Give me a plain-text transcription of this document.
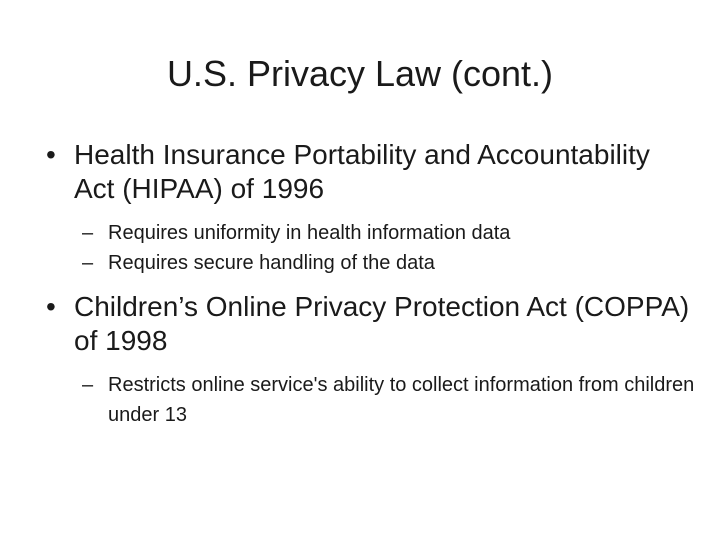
U.S. Privacy Law (cont.)
• Health Insurance Portability and Accountability Act (HIPAA) of 1996
– Requires uniformity in health information data
– Requires secure handling of the data
• Children’s Online Privacy Protection Act (COPPA) of 1998
– Restricts online service's ability to collect information from children under 13
